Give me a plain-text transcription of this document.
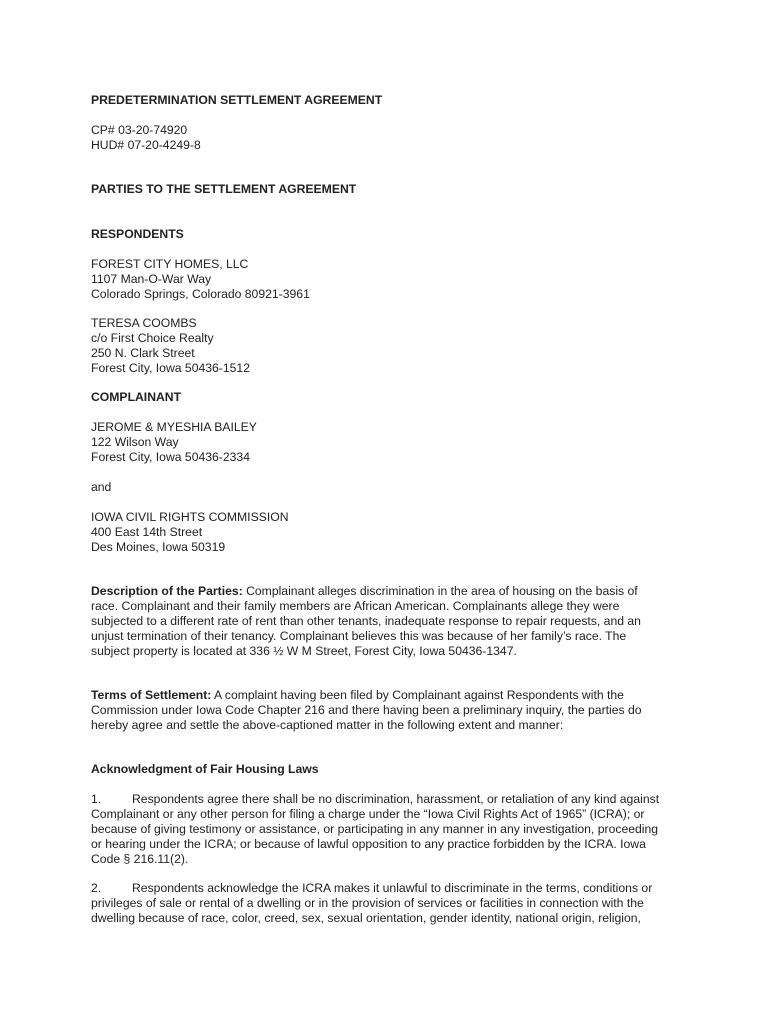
PREDETERMINATION SETTLEMENT AGREEMENT

CP# 03-20-74920
HUD# 07-20-4249-8

PARTIES TO THE SETTLEMENT AGREEMENT

RESPONDENTS

FOREST CITY HOMES, LLC
1107 Man-O-War Way
Colorado Springs, Colorado 80921-3961
TERESA COOMBS
c/o First Choice Realty
250 N. Clark Street
Forest City, Iowa 50436-1512

COMPLAINANT

JEROME & MYESHIA BAILEY
122 Wilson Way
Forest City, Iowa 50436-2334

and

IOWA CIVIL RIGHTS COMMISSION
400 East 14th Street
Des Moines, Iowa 50319
Description of the Parties: Complainant alleges discrimination in the area of housing on the basis of
race. Complainant and their family members are African American. Complainants allege they were
subjected to a different rate of rent than other tenants, inadequate response to repair requests, and an
unjust termination of their tenancy. Complainant believes this was because of her family’s race. The
subject property is located at 336 ½ W M Street, Forest City, Iowa 50436-1347.
Terms of Settlement: A complaint having been filed by Complainant against Respondents with the
Commission under Iowa Code Chapter 216 and there having been a preliminary inquiry, the parties do
hereby agree and settle the above-captioned matter in the following extent and manner:

Acknowledgment of Fair Housing Laws

1.	Respondents agree there shall be no discrimination, harassment, or retaliation of any kind against
Complainant or any other person for filing a charge under the “Iowa Civil Rights Act of 1965” (ICRA); or
because of giving testimony or assistance, or participating in any manner in any investigation, proceeding
or hearing under the ICRA; or because of lawful opposition to any practice forbidden by the ICRA. Iowa
Code § 216.11(2).
2.	Respondents acknowledge the ICRA makes it unlawful to discriminate in the terms, conditions or
privileges of sale or rental of a dwelling or in the provision of services or facilities in connection with the
dwelling because of race, color, creed, sex, sexual orientation, gender identity, national origin, religion,
